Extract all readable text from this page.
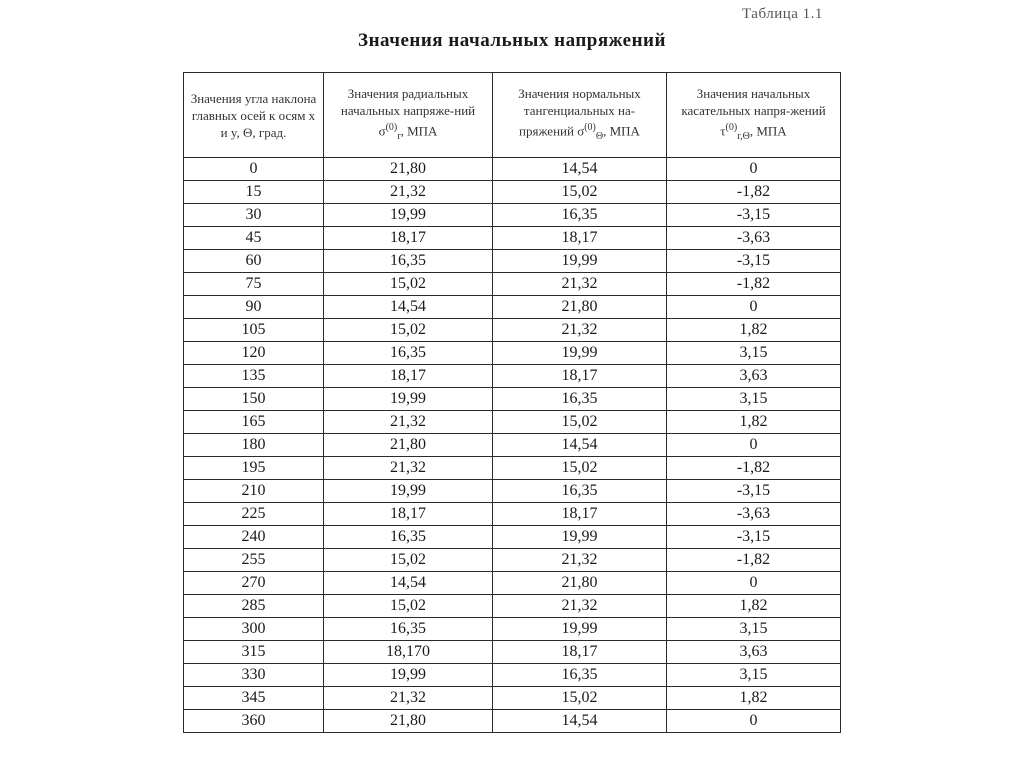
Таблица 1.1
Значения начальных напряжений
Значения угла наклона главных осей к осям x и y, Θ, град.	Значения радиальных начальных напряже-ний $\sigma^{(0)}_r$, МПА	Значения нормальных тангенциальных на-пряжений $\sigma^{(0)}_\Theta$, МПА	Значения начальных касательных напря-жений $\tau^{(0)}_{r,\Theta}$, МПА
0	21,80	14,54	0
15	21,32	15,02	-1,82
30	19,99	16,35	-3,15
45	18,17	18,17	-3,63
60	16,35	19,99	-3,15
75	15,02	21,32	-1,82
90	14,54	21,80	0
105	15,02	21,32	1,82
120	16,35	19,99	3,15
135	18,17	18,17	3,63
150	19,99	16,35	3,15
165	21,32	15,02	1,82
180	21,80	14,54	0
195	21,32	15,02	-1,82
210	19,99	16,35	-3,15
225	18,17	18,17	-3,63
240	16,35	19,99	-3,15
255	15,02	21,32	-1,82
270	14,54	21,80	0
285	15,02	21,32	1,82
300	16,35	19,99	3,15
315	18,170	18,17	3,63
330	19,99	16,35	3,15
345	21,32	15,02	1,82
360	21,80	14,54	0
